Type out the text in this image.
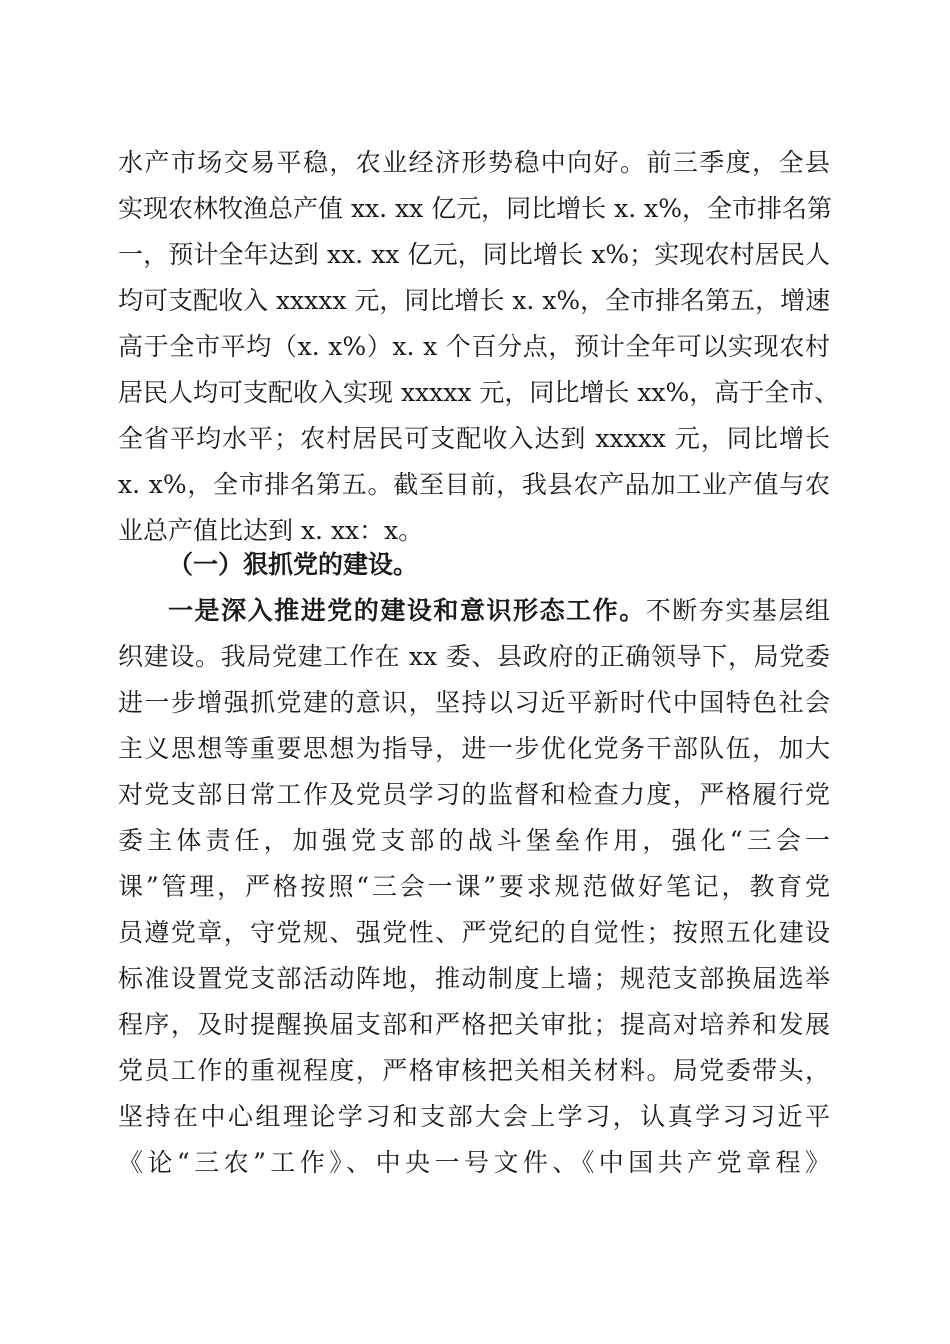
水产市场交易平稳，农业经济形势稳中向好。前三季度，全县
实现农林牧渔总产值 xx. xx 亿元，同比增长 x. x%，全市排名第
一，预计全年达到 xx. xx 亿元，同比增长 x%；实现农村居民人
均可支配收入 xxxxx 元，同比增长 x. x%，全市排名第五，增速
高于全市平均（x. x%）x. x 个百分点，预计全年可以实现农村
居民人均可支配收入实现 xxxxx 元，同比增长 xx%，高于全市、
全省平均水平；农村居民可支配收入达到 xxxxx 元，同比增长
x. x%，全市排名第五。截至目前，我县农产品加工业产值与农
业总产值比达到 x. xx：x。
（一）狠抓党的建设。
一是深入推进党的建设和意识形态工作。不断夯实基层组
织建设。我局党建工作在 xx 委、县政府的正确领导下，局党委
进一步增强抓党建的意识，坚持以习近平新时代中国特色社会
主义思想等重要思想为指导，进一步优化党务干部队伍，加大
对党支部日常工作及党员学习的监督和检查力度，严格履行党
委主体责任，加强党支部的战斗堡垒作用，强化“三会一
课”管理，严格按照“三会一课”要求规范做好笔记，教育党
员遵党章，守党规、强党性、严党纪的自觉性；按照五化建设
标准设置党支部活动阵地，推动制度上墙；规范支部换届选举
程序，及时提醒换届支部和严格把关审批；提高对培养和发展
党员工作的重视程度，严格审核把关相关材料。局党委带头，
坚持在中心组理论学习和支部大会上学习，认真学习习近平
《论“三农”工作》、中央一号文件、《中国共产党章程》
